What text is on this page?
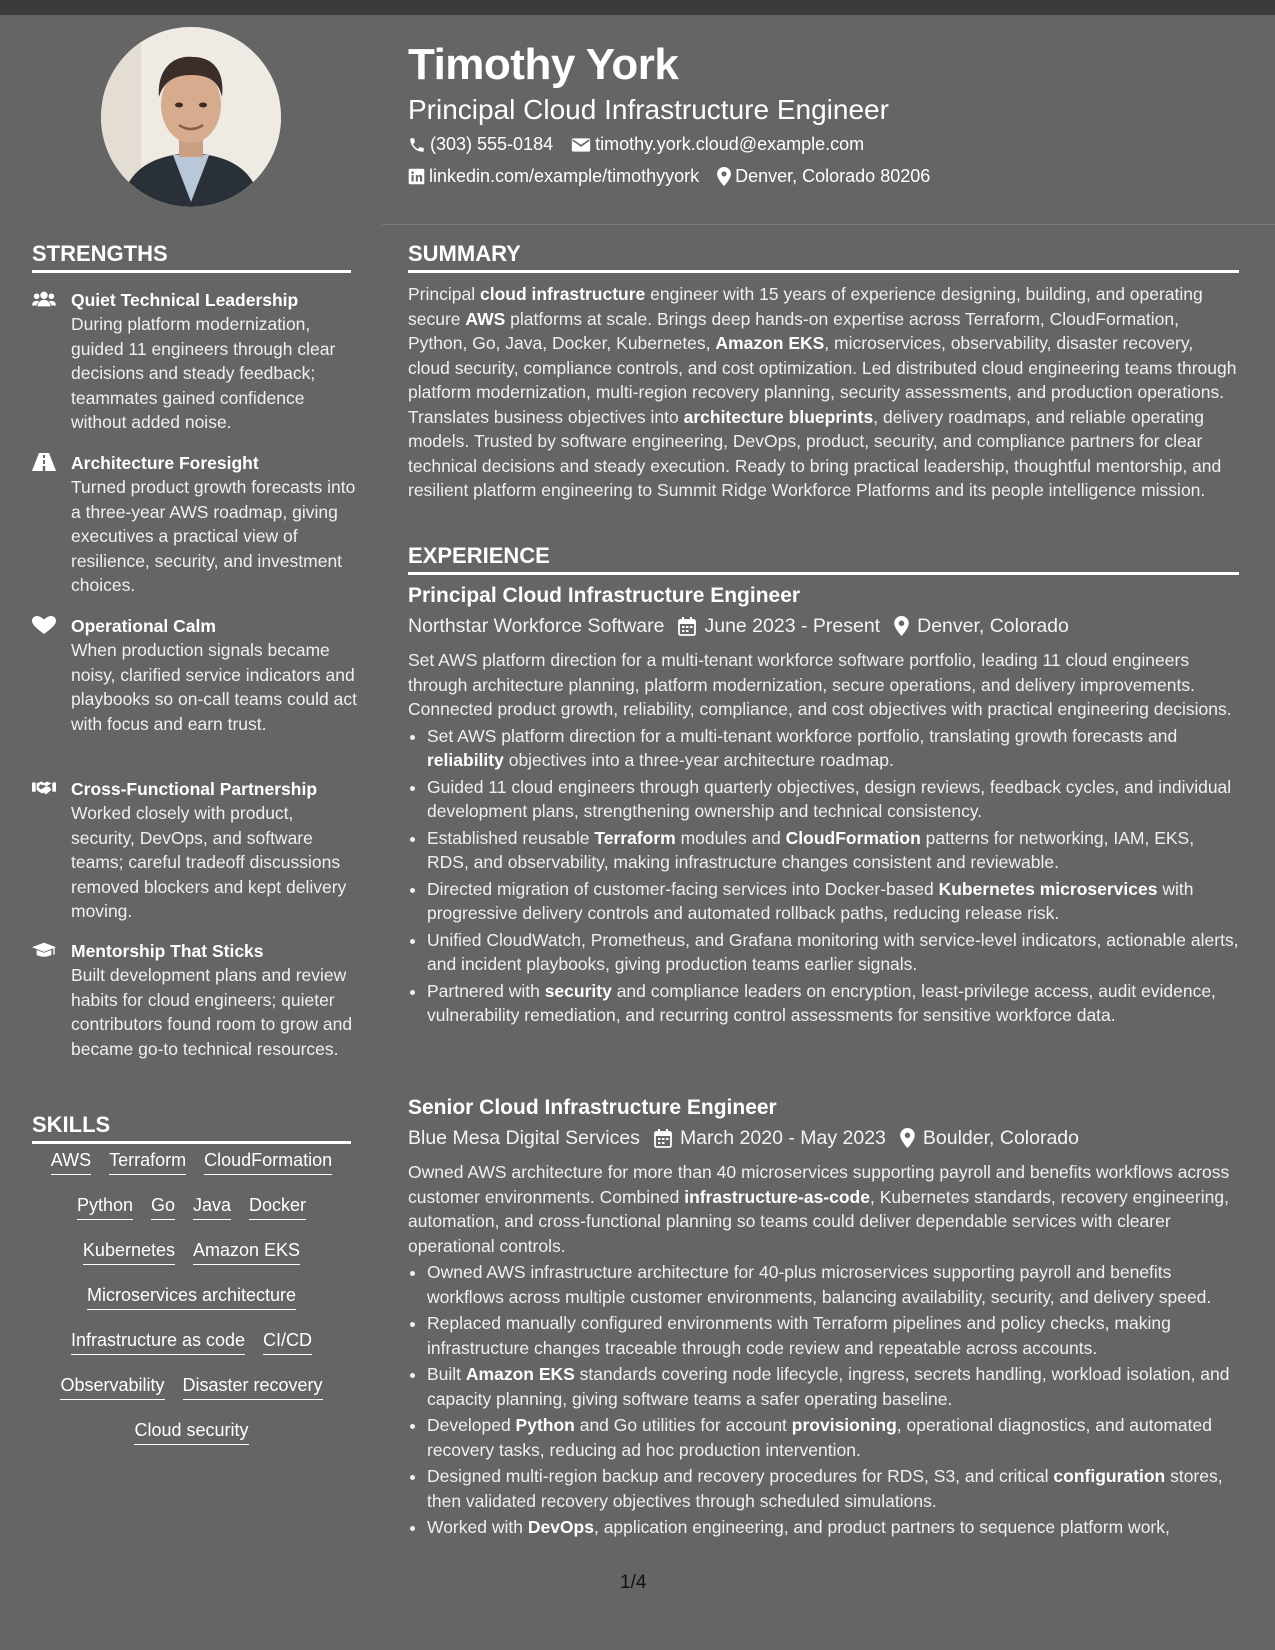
Timothy York
Principal Cloud Infrastructure Engineer
(303) 555-0184 timothy.york.cloud@example.com
linkedin.com/example/timothyyork Denver, Colorado 80206
STRENGTHS
Quiet Technical Leadership
During platform modernization, guided 11 engineers through clear decisions and steady feedback; teammates gained confidence without added noise.
Architecture Foresight
Turned product growth forecasts into a three-year AWS roadmap, giving executives a practical view of resilience, security, and investment choices.
Operational Calm
When production signals became noisy, clarified service indicators and playbooks so on-call teams could act with focus and earn trust.
Cross-Functional Partnership
Worked closely with product, security, DevOps, and software teams; careful tradeoff discussions removed blockers and kept delivery moving.
Mentorship That Sticks
Built development plans and review habits for cloud engineers; quieter contributors found room to grow and became go-to technical resources.
SKILLS
AWS Terraform CloudFormation
Python Go Java Docker
Kubernetes Amazon EKS
Microservices architecture
Infrastructure as code CI/CD
Observability Disaster recovery
Cloud security
SUMMARY
Principal cloud infrastructure engineer with 15 years of experience designing, building, and operating secure AWS platforms at scale. Brings deep hands-on expertise across Terraform, CloudFormation, Python, Go, Java, Docker, Kubernetes, Amazon EKS, microservices, observability, disaster recovery, cloud security, compliance controls, and cost optimization. Led distributed cloud engineering teams through platform modernization, multi-region recovery planning, security assessments, and production operations. Translates business objectives into architecture blueprints, delivery roadmaps, and reliable operating models. Trusted by software engineering, DevOps, product, security, and compliance partners for clear technical decisions and steady execution. Ready to bring practical leadership, thoughtful mentorship, and resilient platform engineering to Summit Ridge Workforce Platforms and its people intelligence mission.
EXPERIENCE
Principal Cloud Infrastructure Engineer
Northstar Workforce Software June 2023 - Present Denver, Colorado
Set AWS platform direction for a multi-tenant workforce software portfolio, leading 11 cloud engineers through architecture planning, platform modernization, secure operations, and delivery improvements. Connected product growth, reliability, compliance, and cost objectives with practical engineering decisions.
• Set AWS platform direction for a multi-tenant workforce portfolio, translating growth forecasts and reliability objectives into a three-year architecture roadmap.
• Guided 11 cloud engineers through quarterly objectives, design reviews, feedback cycles, and individual development plans, strengthening ownership and technical consistency.
• Established reusable Terraform modules and CloudFormation patterns for networking, IAM, EKS, RDS, and observability, making infrastructure changes consistent and reviewable.
• Directed migration of customer-facing services into Docker-based Kubernetes microservices with progressive delivery controls and automated rollback paths, reducing release risk.
• Unified CloudWatch, Prometheus, and Grafana monitoring with service-level indicators, actionable alerts, and incident playbooks, giving production teams earlier signals.
• Partnered with security and compliance leaders on encryption, least-privilege access, audit evidence, vulnerability remediation, and recurring control assessments for sensitive workforce data.
Senior Cloud Infrastructure Engineer
Blue Mesa Digital Services March 2020 - May 2023 Boulder, Colorado
Owned AWS architecture for more than 40 microservices supporting payroll and benefits workflows across customer environments. Combined infrastructure-as-code, Kubernetes standards, recovery engineering, automation, and cross-functional planning so teams could deliver dependable services with clearer operational controls.
• Owned AWS infrastructure architecture for 40-plus microservices supporting payroll and benefits workflows across multiple customer environments, balancing availability, security, and delivery speed.
• Replaced manually configured environments with Terraform pipelines and policy checks, making infrastructure changes traceable through code review and repeatable across accounts.
• Built Amazon EKS standards covering node lifecycle, ingress, secrets handling, workload isolation, and capacity planning, giving software teams a safer operating baseline.
• Developed Python and Go utilities for account provisioning, operational diagnostics, and automated recovery tasks, reducing ad hoc production intervention.
• Designed multi-region backup and recovery procedures for RDS, S3, and critical configuration stores, then validated recovery objectives through scheduled simulations.
• Worked with DevOps, application engineering, and product partners to sequence platform work,
1/4
